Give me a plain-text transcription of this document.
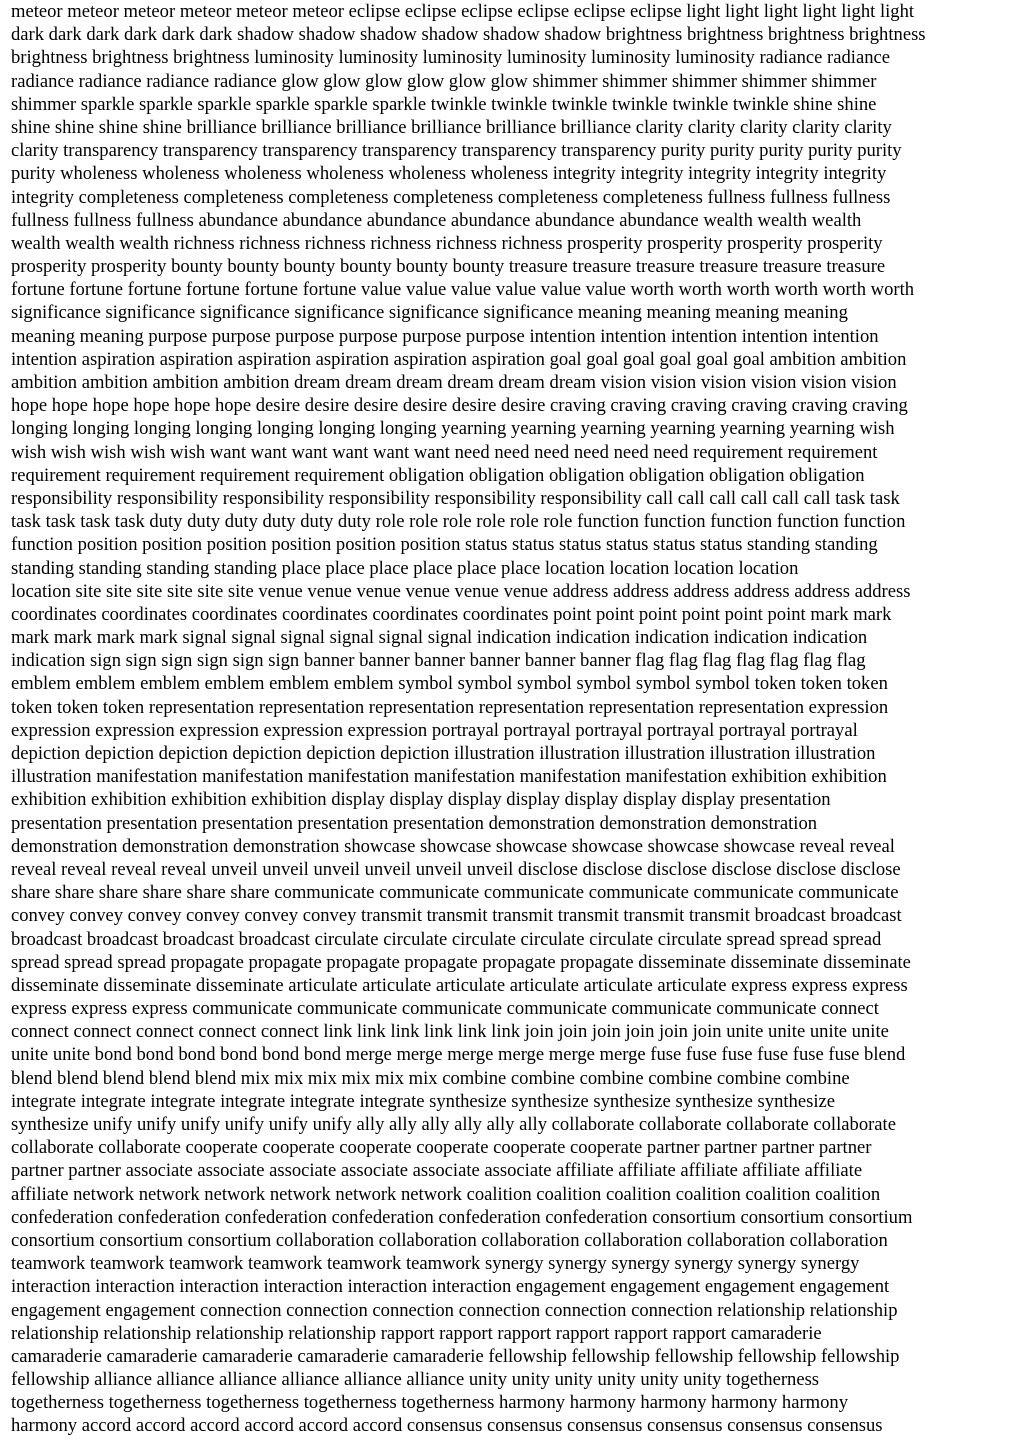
meteor meteor meteor meteor meteor meteor eclipse eclipse eclipse eclipse eclipse eclipse light light light light light light
dark dark dark dark dark dark shadow shadow shadow shadow shadow shadow brightness brightness brightness brightness
brightness brightness brightness luminosity luminosity luminosity luminosity luminosity luminosity radiance radiance
radiance radiance radiance radiance glow glow glow glow glow glow shimmer shimmer shimmer shimmer shimmer
shimmer sparkle sparkle sparkle sparkle sparkle sparkle twinkle twinkle twinkle twinkle twinkle twinkle shine shine
shine shine shine shine brilliance brilliance brilliance brilliance brilliance brilliance clarity clarity clarity clarity clarity
clarity transparency transparency transparency transparency transparency transparency purity purity purity purity purity
purity wholeness wholeness wholeness wholeness wholeness wholeness integrity integrity integrity integrity integrity
integrity completeness completeness completeness completeness completeness completeness fullness fullness fullness
fullness fullness fullness abundance abundance abundance abundance abundance abundance wealth wealth wealth
wealth wealth wealth richness richness richness richness richness richness prosperity prosperity prosperity prosperity
prosperity prosperity bounty bounty bounty bounty bounty bounty treasure treasure treasure treasure treasure treasure
fortune fortune fortune fortune fortune fortune value value value value value value worth worth worth worth worth worth
significance significance significance significance significance significance meaning meaning meaning meaning
meaning meaning purpose purpose purpose purpose purpose purpose intention intention intention intention intention
intention aspiration aspiration aspiration aspiration aspiration aspiration goal goal goal goal goal goal ambition ambition
ambition ambition ambition ambition dream dream dream dream dream dream vision vision vision vision vision vision
hope hope hope hope hope hope desire desire desire desire desire desire craving craving craving craving craving craving
longing longing longing longing longing longing longing yearning yearning yearning yearning yearning yearning wish
wish wish wish wish wish want want want want want want need need need need need need requirement requirement
requirement requirement requirement requirement obligation obligation obligation obligation obligation obligation
responsibility responsibility responsibility responsibility responsibility responsibility call call call call call call task task
task task task task duty duty duty duty duty duty role role role role role role function function function function function
function position position position position position position status status status status status status standing standing
standing standing standing standing place place place place place place location location location location
location site site site site site site venue venue venue venue venue venue address address address address address address
coordinates coordinates coordinates coordinates coordinates coordinates point point point point point point mark mark
mark mark mark mark signal signal signal signal signal signal indication indication indication indication indication
indication sign sign sign sign sign sign banner banner banner banner banner banner flag flag flag flag flag flag flag
emblem emblem emblem emblem emblem emblem symbol symbol symbol symbol symbol symbol token token token
token token token representation representation representation representation representation representation expression
expression expression expression expression expression portrayal portrayal portrayal portrayal portrayal portrayal
depiction depiction depiction depiction depiction depiction illustration illustration illustration illustration illustration
illustration manifestation manifestation manifestation manifestation manifestation manifestation exhibition exhibition
exhibition exhibition exhibition exhibition display display display display display display display presentation
presentation presentation presentation presentation presentation demonstration demonstration demonstration
demonstration demonstration demonstration showcase showcase showcase showcase showcase showcase reveal reveal
reveal reveal reveal reveal unveil unveil unveil unveil unveil unveil disclose disclose disclose disclose disclose disclose
share share share share share share communicate communicate communicate communicate communicate communicate
convey convey convey convey convey convey transmit transmit transmit transmit transmit transmit broadcast broadcast
broadcast broadcast broadcast broadcast circulate circulate circulate circulate circulate circulate spread spread spread
spread spread spread propagate propagate propagate propagate propagate propagate disseminate disseminate disseminate
disseminate disseminate disseminate articulate articulate articulate articulate articulate articulate express express express
express express express communicate communicate communicate communicate communicate communicate connect
connect connect connect connect connect link link link link link link join join join join join join unite unite unite unite
unite unite bond bond bond bond bond bond merge merge merge merge merge merge fuse fuse fuse fuse fuse fuse blend
blend blend blend blend blend mix mix mix mix mix mix combine combine combine combine combine combine
integrate integrate integrate integrate integrate integrate synthesize synthesize synthesize synthesize synthesize
synthesize unify unify unify unify unify unify ally ally ally ally ally ally collaborate collaborate collaborate collaborate
collaborate collaborate cooperate cooperate cooperate cooperate cooperate cooperate partner partner partner partner
partner partner associate associate associate associate associate associate affiliate affiliate affiliate affiliate affiliate
affiliate network network network network network network coalition coalition coalition coalition coalition coalition
confederation confederation confederation confederation confederation confederation consortium consortium consortium
consortium consortium consortium collaboration collaboration collaboration collaboration collaboration collaboration
teamwork teamwork teamwork teamwork teamwork teamwork synergy synergy synergy synergy synergy synergy
interaction interaction interaction interaction interaction interaction engagement engagement engagement engagement
engagement engagement connection connection connection connection connection connection relationship relationship
relationship relationship relationship relationship rapport rapport rapport rapport rapport rapport camaraderie
camaraderie camaraderie camaraderie camaraderie camaraderie fellowship fellowship fellowship fellowship fellowship
fellowship alliance alliance alliance alliance alliance alliance unity unity unity unity unity unity togetherness
togetherness togetherness togetherness togetherness togetherness harmony harmony harmony harmony harmony
harmony accord accord accord accord accord accord consensus consensus consensus consensus consensus consensus
